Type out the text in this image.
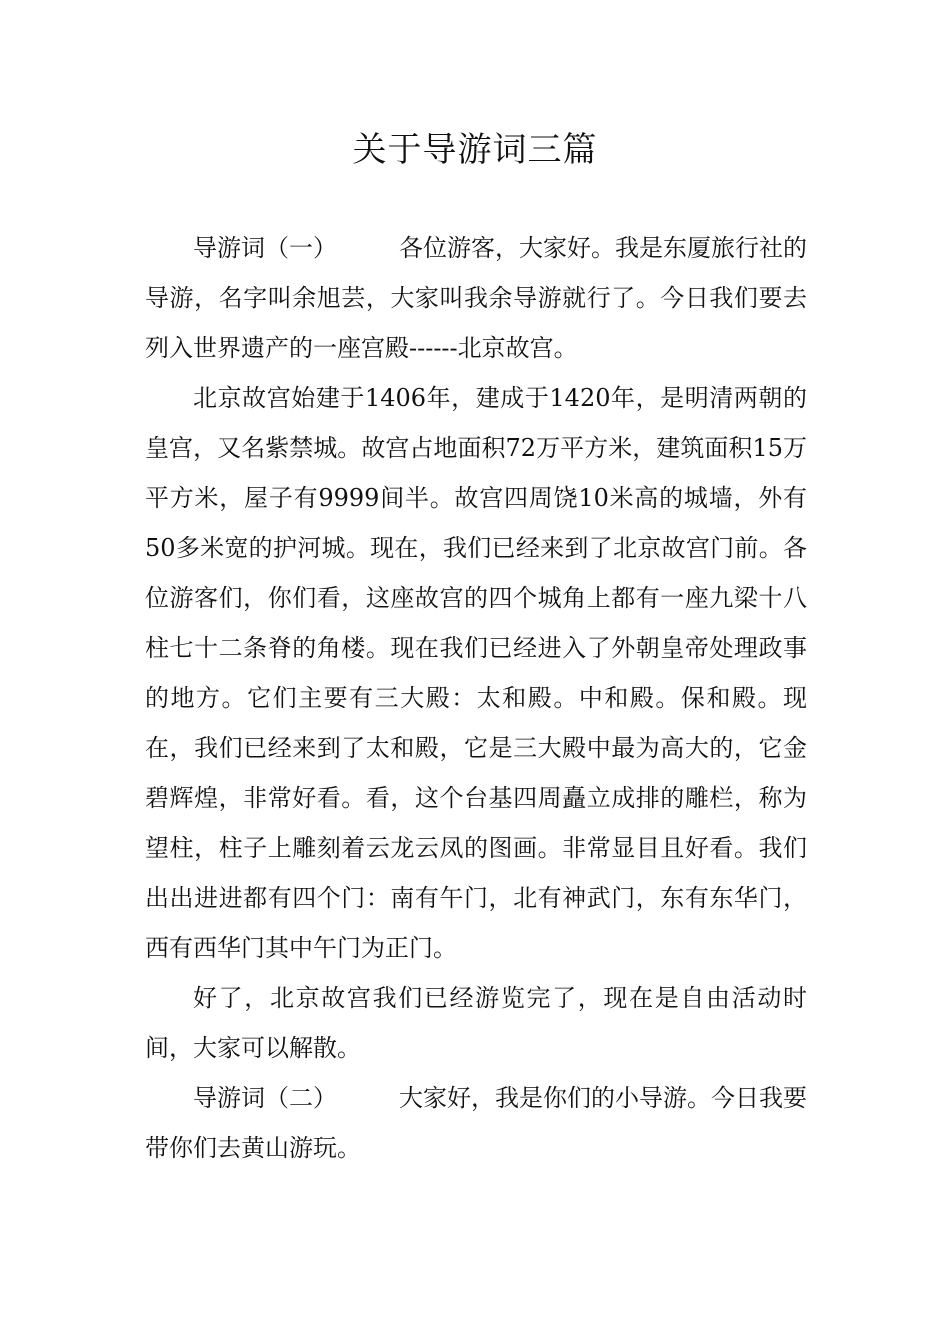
关于导游词三篇

导游词（一）	各位游客，大家好。我是东厦旅行社的导游，名字叫余旭芸，大家叫我余导游就行了。今日我们要去列入世界遗产的一座宫殿------北京故宫。

北京故宫始建于1406年，建成于1420年，是明清两朝的皇宫，又名紫禁城。故宫占地面积72万平方米，建筑面积15万平方米，屋子有9999间半。故宫四周饶10米高的城墙，外有50多米宽的护河城。现在，我们已经来到了北京故宫门前。各位游客们，你们看，这座故宫的四个城角上都有一座九梁十八柱七十二条脊的角楼。现在我们已经进入了外朝皇帝处理政事的地方。它们主要有三大殿：太和殿。中和殿。保和殿。现在，我们已经来到了太和殿，它是三大殿中最为高大的，它金碧辉煌，非常好看。看，这个台基四周矗立成排的雕栏，称为望柱，柱子上雕刻着云龙云凤的图画。非常显目且好看。我们出出进进都有四个门：南有午门，北有神武门，东有东华门，西有西华门其中午门为正门。

好了，北京故宫我们已经游览完了，现在是自由活动时间，大家可以解散。

导游词（二）	大家好，我是你们的小导游。今日我要带你们去黄山游玩。
